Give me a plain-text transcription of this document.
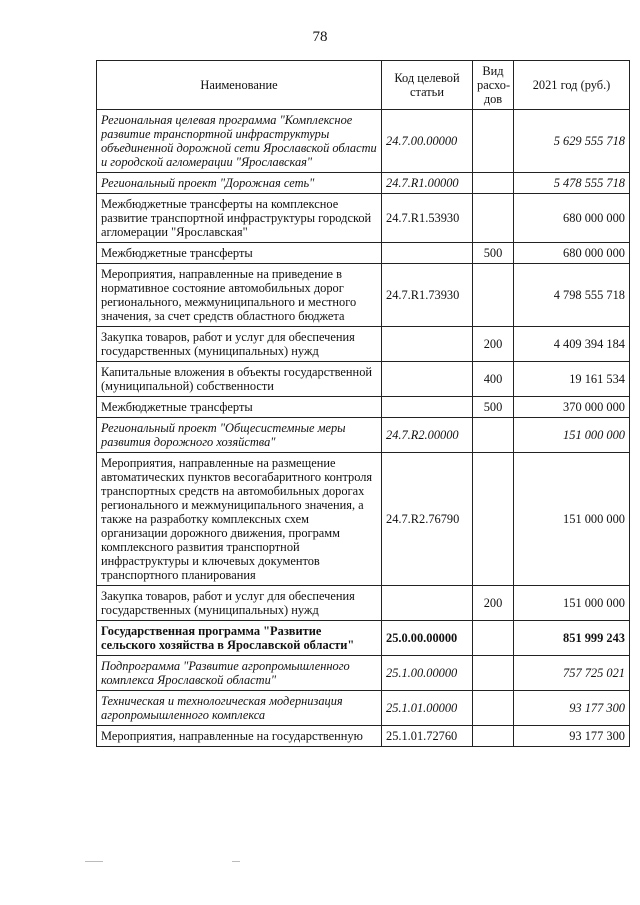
78
Наименование	Код целевой статьи	Вид расхо-дов	2021 год (руб.)
Региональная целевая программа "Комплексное развитие транспортной инфраструктуры объединенной дорожной сети Ярославской области и городской агломерации "Ярославская"	24.7.00.00000		5 629 555 718
Региональный проект "Дорожная сеть"	24.7.R1.00000		5 478 555 718
Межбюджетные трансферты на комплексное развитие транспортной инфраструктуры городской агломерации "Ярославская"	24.7.R1.53930		680 000 000
Межбюджетные трансферты		500	680 000 000
Мероприятия, направленные на приведение в нормативное состояние автомобильных дорог регионального, межмуниципального и местного значения, за счет средств областного бюджета	24.7.R1.73930		4 798 555 718
Закупка товаров, работ и услуг для обеспечения государственных (муниципальных) нужд		200	4 409 394 184
Капитальные вложения в объекты государственной (муниципальной) собственности		400	19 161 534
Межбюджетные трансферты		500	370 000 000
Региональный проект "Общесистемные меры развития дорожного хозяйства"	24.7.R2.00000		151 000 000
Мероприятия, направленные на размещение автоматических пунктов весогабаритного контроля транспортных средств на автомобильных дорогах регионального и межмуниципального значения, а также на разработку комплексных схем организации дорожного движения, программ комплексного развития транспортной инфраструктуры и ключевых документов транспортного планирования	24.7.R2.76790		151 000 000
Закупка товаров, работ и услуг для обеспечения государственных (муниципальных) нужд		200	151 000 000
Государственная программа "Развитие сельского хозяйства в Ярославской области"	25.0.00.00000		851 999 243
Подпрограмма "Развитие агропромышленного комплекса Ярославской области"	25.1.00.00000		757 725 021
Техническая и технологическая модернизация агропромышленного комплекса	25.1.01.00000		93 177 300
Мероприятия, направленные на государственную	25.1.01.72760		93 177 300
